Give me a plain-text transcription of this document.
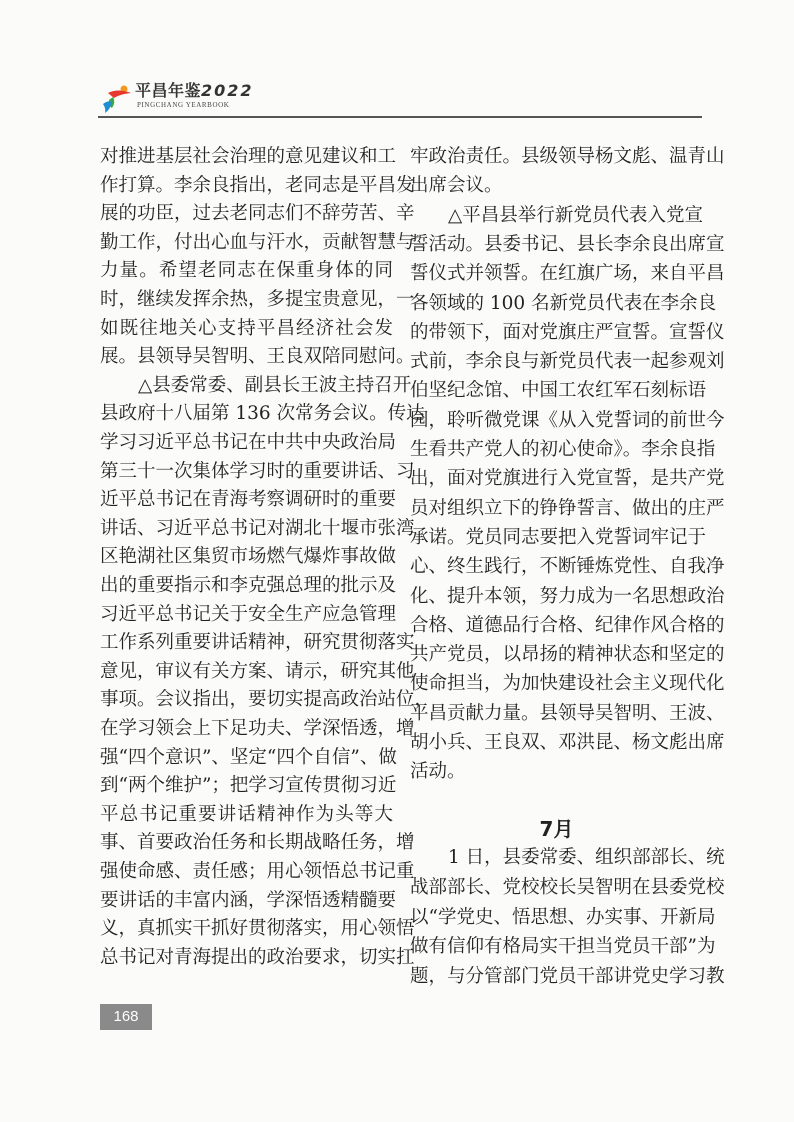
平昌年鉴2022
PINGCHANG YEARBOOK
对推进基层社会治理的意见建议和工
作打算。李余良指出，老同志是平昌发
展的功臣，过去老同志们不辞劳苦、辛
勤工作，付出心血与汗水，贡献智慧与
力量。希望老同志在保重身体的同
时，继续发挥余热，多提宝贵意见，一
如既往地关心支持平昌经济社会发
展。县领导吴智明、王良双陪同慰问。
△县委常委、副县长王波主持召开
县政府十八届第 136 次常务会议。传达
学习习近平总书记在中共中央政治局
第三十一次集体学习时的重要讲话、习
近平总书记在青海考察调研时的重要
讲话、习近平总书记对湖北十堰市张湾
区艳湖社区集贸市场燃气爆炸事故做
出的重要指示和李克强总理的批示及
习近平总书记关于安全生产应急管理
工作系列重要讲话精神，研究贯彻落实
意见，审议有关方案、请示，研究其他
事项。会议指出，要切实提高政治站位，
在学习领会上下足功夫、学深悟透，增
强“四个意识”、坚定“四个自信”、做
到“两个维护”；把学习宣传贯彻习近
平总书记重要讲话精神作为头等大
事、首要政治任务和长期战略任务，增
强使命感、责任感；用心领悟总书记重
要讲话的丰富内涵，学深悟透精髓要
义，真抓实干抓好贯彻落实，用心领悟
总书记对青海提出的政治要求，切实扛
牢政治责任。县级领导杨文彪、温青山
出席会议。
△平昌县举行新党员代表入党宣
誓活动。县委书记、县长李余良出席宣
誓仪式并领誓。在红旗广场，来自平昌
各领域的 100 名新党员代表在李余良
的带领下，面对党旗庄严宣誓。宣誓仪
式前，李余良与新党员代表一起参观刘
伯坚纪念馆、中国工农红军石刻标语
园，聆听微党课《从入党誓词的前世今
生看共产党人的初心使命》。李余良指
出，面对党旗进行入党宣誓，是共产党
员对组织立下的铮铮誓言、做出的庄严
承诺。党员同志要把入党誓词牢记于
心、终生践行，不断锤炼党性、自我净
化、提升本领，努力成为一名思想政治
合格、道德品行合格、纪律作风合格的
共产党员，以昂扬的精神状态和坚定的
使命担当，为加快建设社会主义现代化
平昌贡献力量。县领导吴智明、王波、
胡小兵、王良双、邓洪昆、杨文彪出席
活动。
7月
1 日，县委常委、组织部部长、统
战部部长、党校校长吴智明在县委党校
以“学党史、悟思想、办实事、开新局
做有信仰有格局实干担当党员干部”为
题，与分管部门党员干部讲党史学习教
168
